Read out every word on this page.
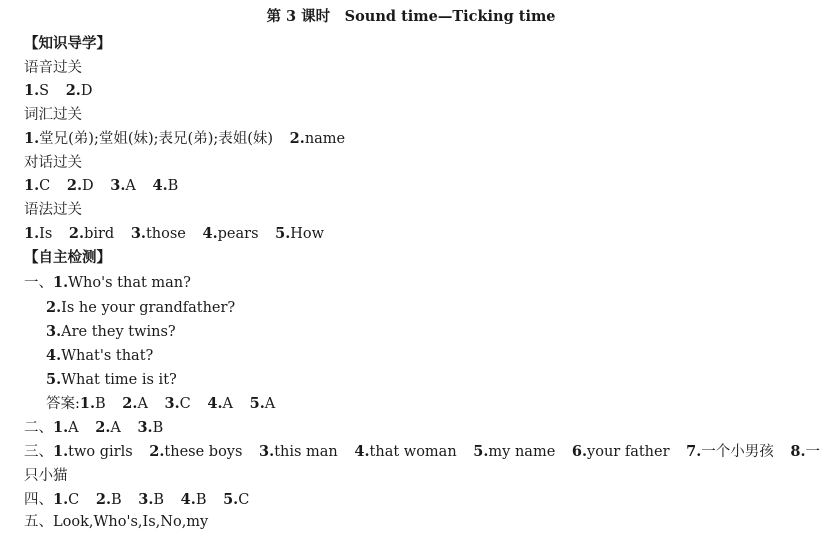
第 3 课时　Sound time—Ticking time
【知识导学】
语音过关
1.S 2.D
词汇过关
1.堂兄(弟);堂姐(妹);表兄(弟);表姐(妹) 2.name
对话过关
1.C 2.D 3.A 4.B
语法过关
1.Is 2.bird 3.those 4.pears 5.How
【自主检测】
一、1.Who's that man?
2.Is he your grandfather?
3.Are they twins?
4.What's that?
5.What time is it?
答案:1.B 2.A 3.C 4.A 5.A
二、1.A 2.A 3.B
三、1.two girls 2.these boys 3.this man 4.that woman 5.my name 6.your father 7.一个小男孩 8.一
只小猫
四、1.C 2.B 3.B 4.B 5.C
五、Look,Who's,Is,No,my
